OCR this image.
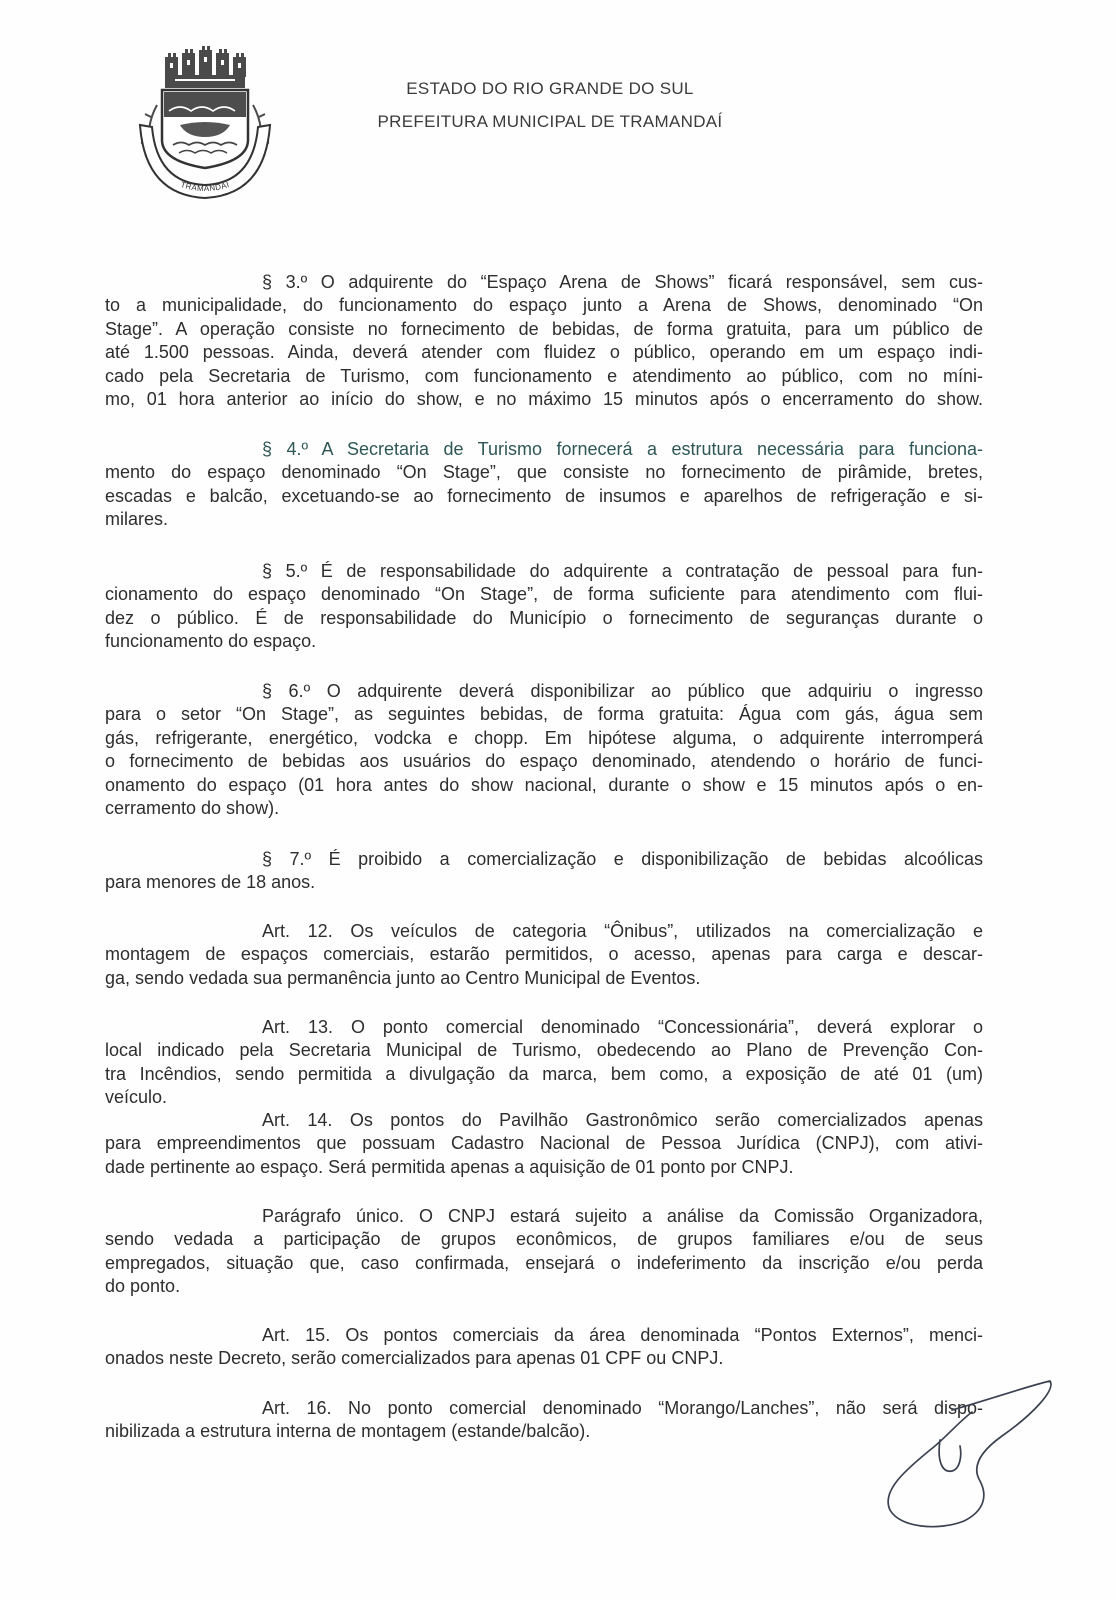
TRAMANDAÍ
ESTADO DO RIO GRANDE DO SUL
PREFEITURA MUNICIPAL DE TRAMANDAÍ
§ 3.º O adquirente do “Espaço Arena de Shows” ficará responsável, sem cus-
to a municipalidade, do funcionamento do espaço junto a Arena de Shows, denominado “On
Stage”. A operação consiste no fornecimento de bebidas, de forma gratuita, para um público de
até 1.500 pessoas. Ainda, deverá atender com fluidez o público, operando em um espaço indi-
cado pela Secretaria de Turismo, com funcionamento e atendimento ao público, com no míni-
mo, 01 hora anterior ao início do show, e no máximo 15 minutos após o encerramento do show.
§ 4.º A Secretaria de Turismo fornecerá a estrutura necessária para funciona-
mento do espaço denominado “On Stage”, que consiste no fornecimento de pirâmide, bretes,
escadas e balcão, excetuando-se ao fornecimento de insumos e aparelhos de refrigeração e si-
milares.
§ 5.º É de responsabilidade do adquirente a contratação de pessoal para fun-
cionamento do espaço denominado “On Stage”, de forma suficiente para atendimento com flui-
dez o público. É de responsabilidade do Município o fornecimento de seguranças durante o
funcionamento do espaço.
§ 6.º O adquirente deverá disponibilizar ao público que adquiriu o ingresso
para o setor “On Stage”, as seguintes bebidas, de forma gratuita: Água com gás, água sem
gás, refrigerante, energético, vodcka e chopp. Em hipótese alguma, o adquirente interromperá
o fornecimento de bebidas aos usuários do espaço denominado, atendendo o horário de funci-
onamento do espaço (01 hora antes do show nacional, durante o show e 15 minutos após o en-
cerramento do show).
§ 7.º É proibido a comercialização e disponibilização de bebidas alcoólicas
para menores de 18 anos.
Art. 12. Os veículos de categoria “Ônibus”, utilizados na comercialização e
montagem de espaços comerciais, estarão permitidos, o acesso, apenas para carga e descar-
ga, sendo vedada sua permanência junto ao Centro Municipal de Eventos.
Art. 13. O ponto comercial denominado “Concessionária”, deverá explorar o
local indicado pela Secretaria Municipal de Turismo, obedecendo ao Plano de Prevenção Con-
tra Incêndios, sendo permitida a divulgação da marca, bem como, a exposição de até 01 (um)
veículo.
Art. 14. Os pontos do Pavilhão Gastronômico serão comercializados apenas
para empreendimentos que possuam Cadastro Nacional de Pessoa Jurídica (CNPJ), com ativi-
dade pertinente ao espaço. Será permitida apenas a aquisição de 01 ponto por CNPJ.
Parágrafo único. O CNPJ estará sujeito a análise da Comissão Organizadora,
sendo vedada a participação de grupos econômicos, de grupos familiares e/ou de seus
empregados, situação que, caso confirmada, ensejará o indeferimento da inscrição e/ou perda
do ponto.
Art. 15. Os pontos comerciais da área denominada “Pontos Externos”, menci-
onados neste Decreto, serão comercializados para apenas 01 CPF ou CNPJ.
Art. 16. No ponto comercial denominado “Morango/Lanches”, não será dispo-
nibilizada a estrutura interna de montagem (estande/balcão).
